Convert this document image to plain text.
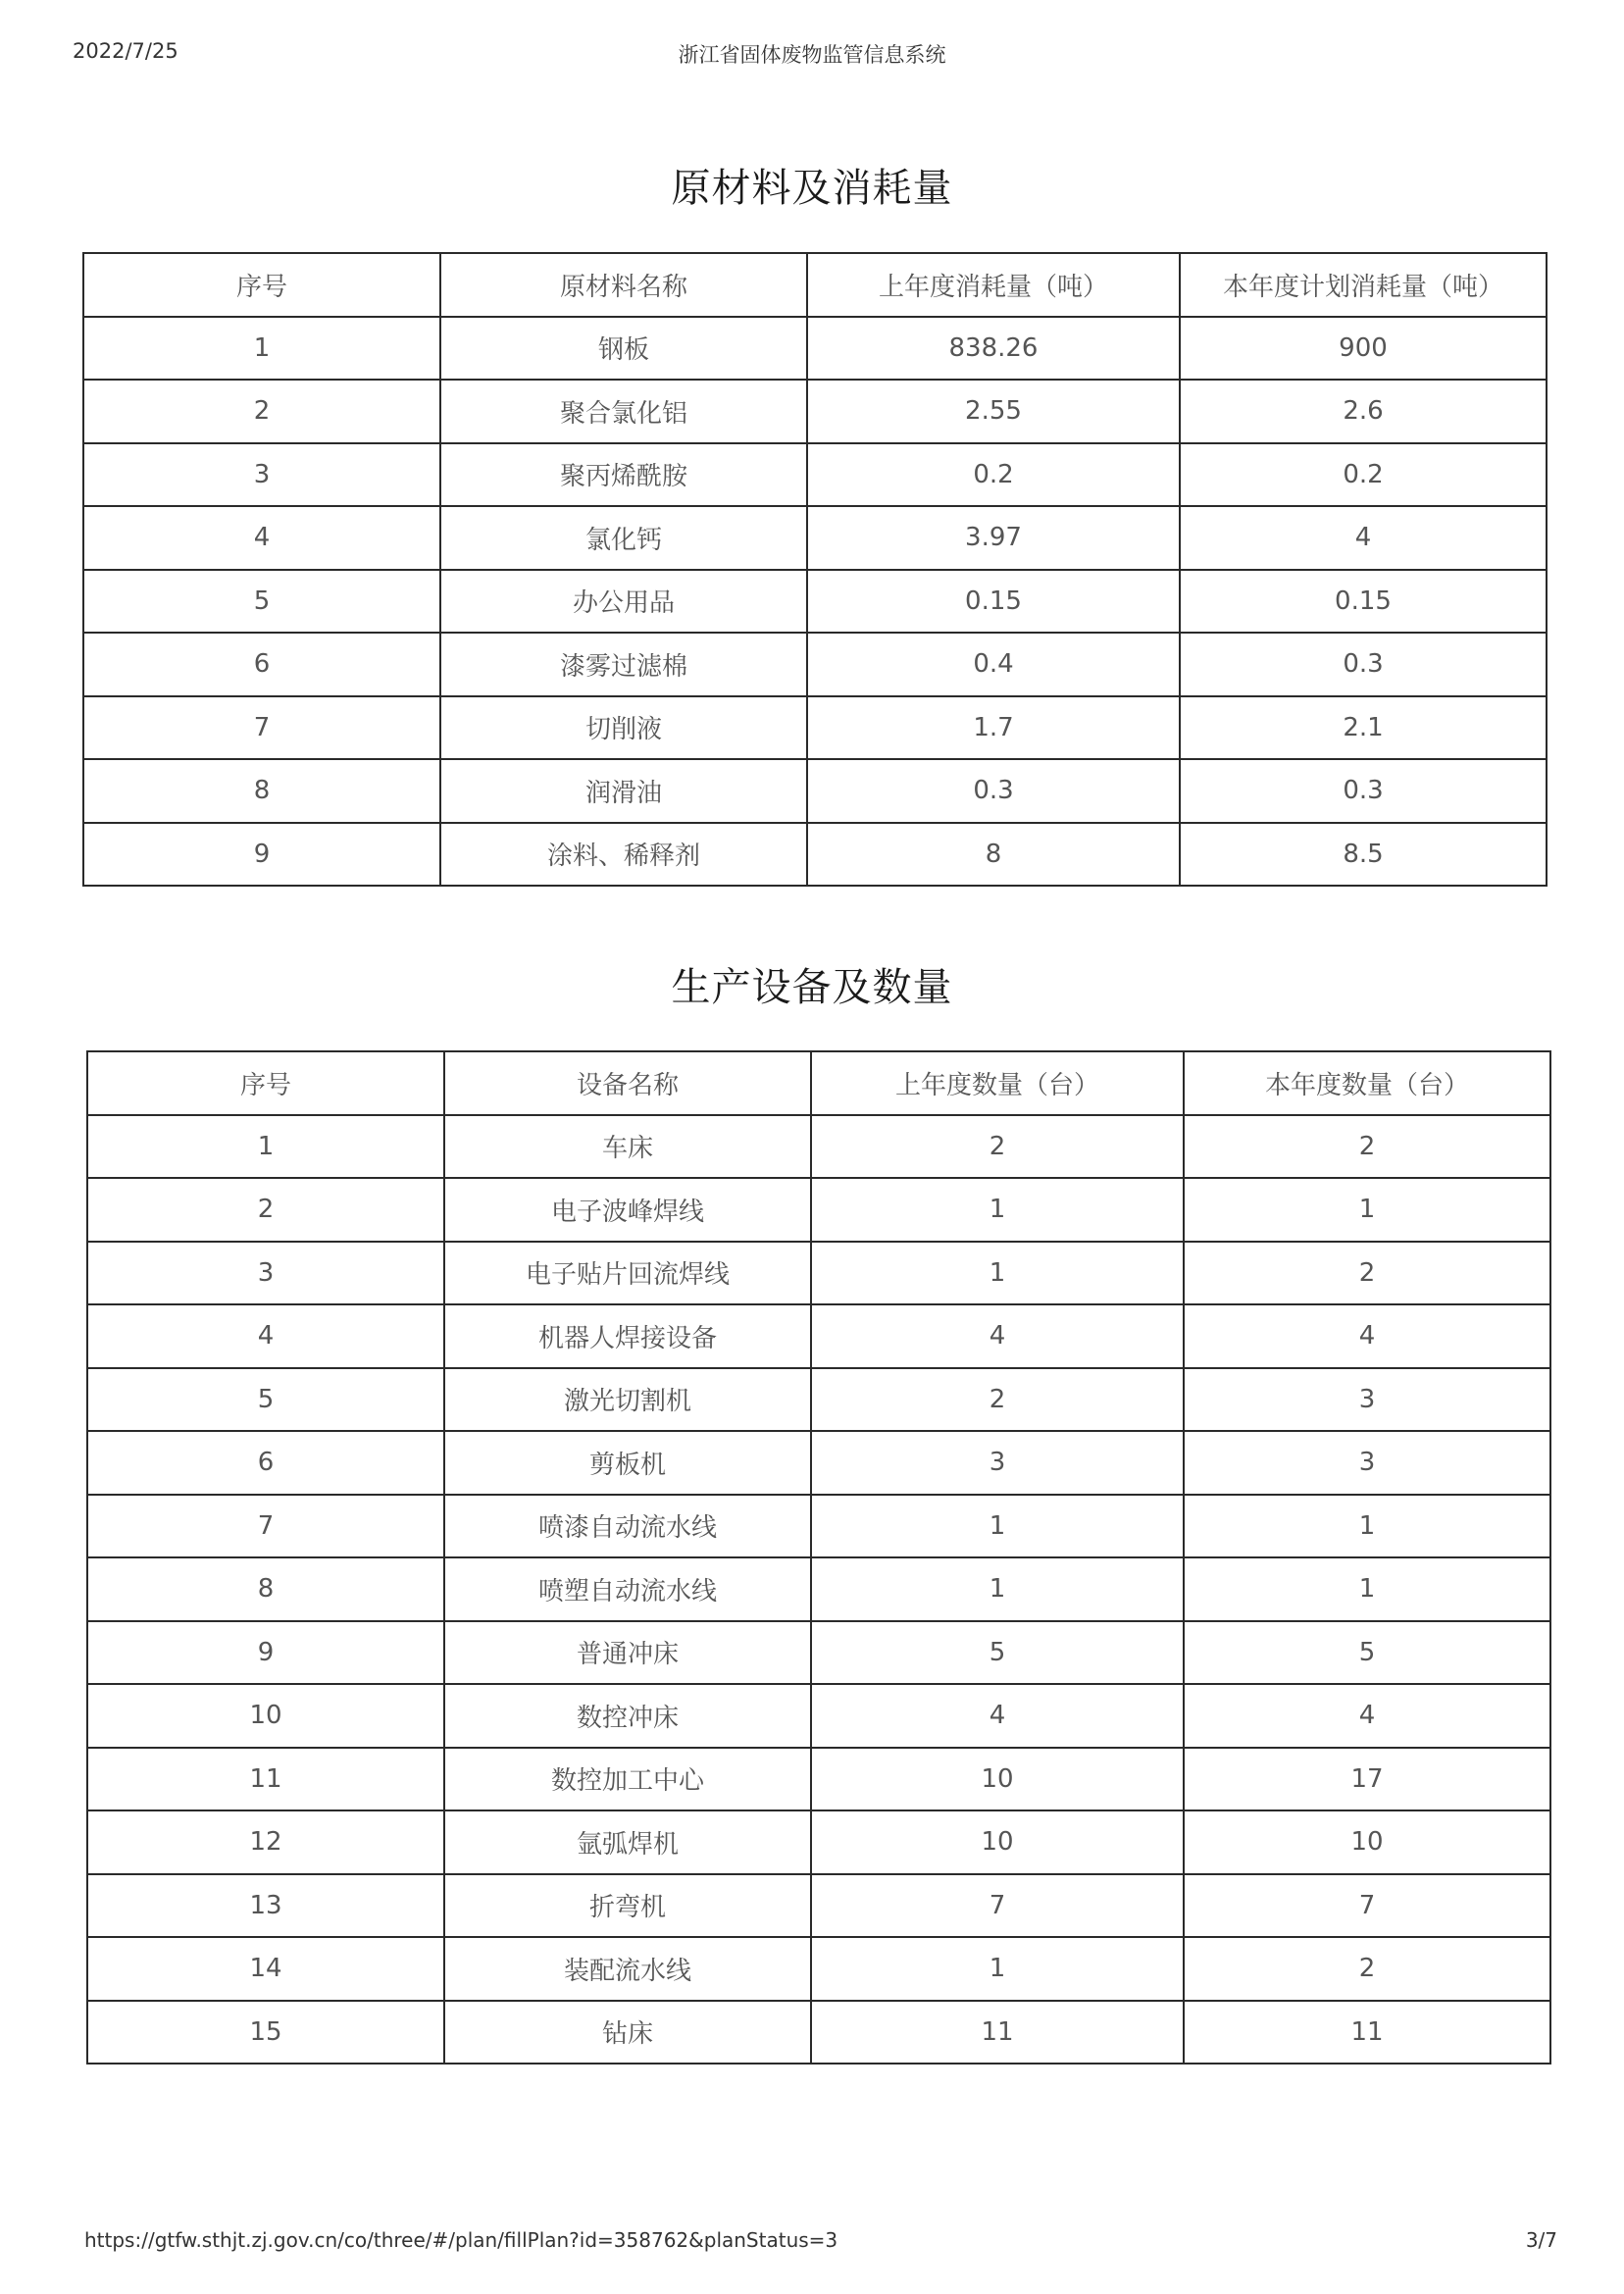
2022/7/25	浙江省固体废物监管信息系统
原材料及消耗量
序号	原材料名称	上年度消耗量（吨）	本年度计划消耗量（吨）
1	钢板	838.26	900
2	聚合氯化铝	2.55	2.6
3	聚丙烯酰胺	0.2	0.2
4	氯化钙	3.97	4
5	办公用品	0.15	0.15
6	漆雾过滤棉	0.4	0.3
7	切削液	1.7	2.1
8	润滑油	0.3	0.3
9	涂料、稀释剂	8	8.5
生产设备及数量
序号	设备名称	上年度数量（台）	本年度数量（台）
1	车床	2	2
2	电子波峰焊线	1	1
3	电子贴片回流焊线	1	2
4	机器人焊接设备	4	4
5	激光切割机	2	3
6	剪板机	3	3
7	喷漆自动流水线	1	1
8	喷塑自动流水线	1	1
9	普通冲床	5	5
10	数控冲床	4	4
11	数控加工中心	10	17
12	氩弧焊机	10	10
13	折弯机	7	7
14	装配流水线	1	2
15	钻床	11	11
https://gtfw.sthjt.zj.gov.cn/co/three/#/plan/fillPlan?id=358762&planStatus=3	3/7
